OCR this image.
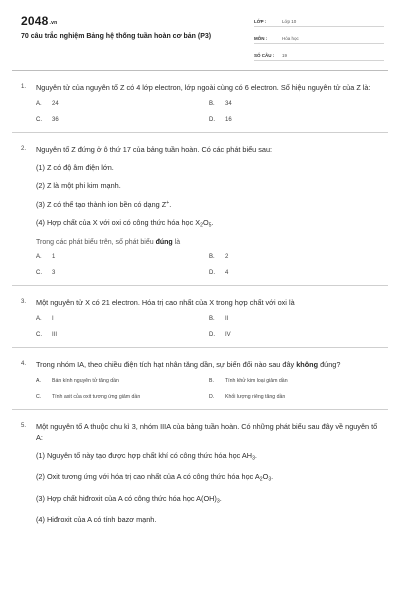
$2048^{.vn}$
70 câu trắc nghiệm Bảng hệ thống tuần hoàn cơ bản (P3)
LỚP :	Lớp 10
MÔN :	Hóa học
SỐ CÂU :	19
1.	Nguyên tử của nguyên tố Z có 4 lớp electron, lớp ngoài cùng có 6 electron. Số hiệu nguyên tử của Z là:
A.	24	B.	34
C.	36	D.	16
2.	Nguyên tố Z đứng ở ô thứ 17 của bảng tuần hoàn. Có các phát biểu sau:
(1) Z có độ âm điện lớn.
(2) Z là một phi kim mạnh.
(3) Z có thể tạo thành ion bền có dạng Z+.
(4) Hợp chất của X với oxi có công thức hóa học $X_2O_5$.
Trong các phát biểu trên, số phát biểu đúng là
A.	1	B.	2
C.	3	D.	4
3.	Một nguyên tử X có 21 electron. Hóa trị cao nhất của X trong hợp chất với oxi là
A.	I	B.	II
C.	III	D.	IV
4.	Trong nhóm IA, theo chiều điện tích hạt nhân tăng dần, sự biến đổi nào sau đây không đúng?
A.	Bán kính nguyên tử tăng dần	B.	Tính khử kim loại giảm dần
C.	Tính axit của oxit tương ứng giảm dần	D.	Khối lượng riêng tăng dần
5.	Một nguyên tố A thuộc chu kì 3, nhóm IIIA của bảng tuần hoàn. Có những phát biểu sau đây về nguyên tố A:
(1) Nguyên tố này tạo được hợp chất khí có công thức hóa học $AH_3$.
(2) Oxit tương ứng với hóa trị cao nhất của A có công thức hóa học $A_2O_3$.
(3) Hợp chất hiđroxit của A có công thức hóa học $A(OH)_3$.
(4) Hiđroxit của A có tính bazơ mạnh.
